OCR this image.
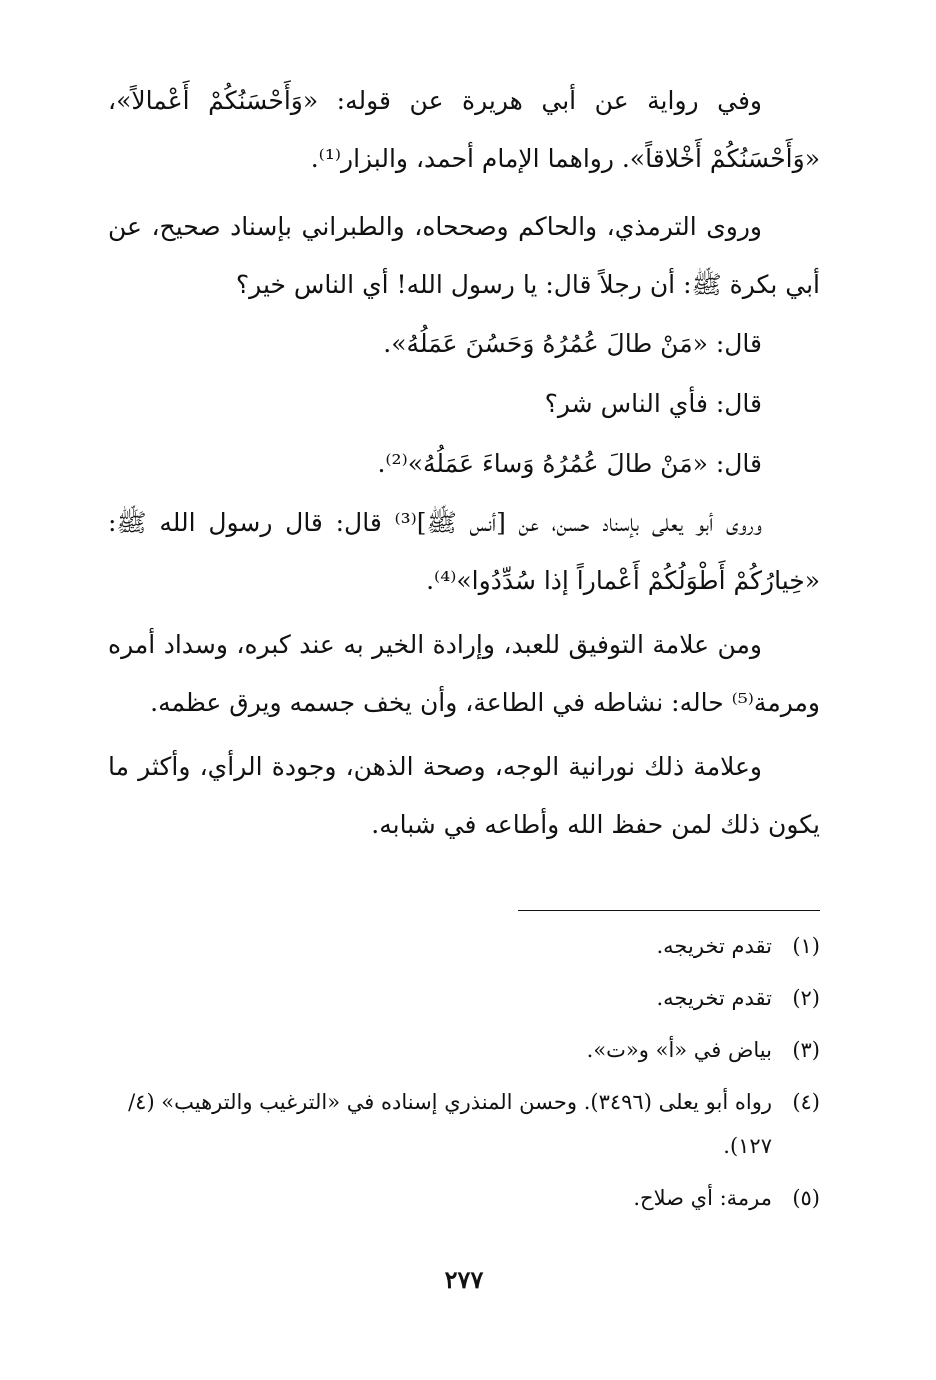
وفي رواية عن أبي هريرة عن قوله: «وَأَحْسَنُكُمْ أَعْمالاً»، «وَأَحْسَنُكُمْ أَخْلاقاً». رواهما الإمام أحمد، والبزار⁽¹⁾.

وروى الترمذي، والحاكم وصححاه، والطبراني بإسناد صحيح، عن أبي بكرة ﷺ: أن رجلاً قال: يا رسول الله! أي الناس خير؟

قال: «مَنْ طالَ عُمُرُهُ وَحَسُنَ عَمَلُهُ».

قال: فأي الناس شر؟

قال: «مَنْ طالَ عُمُرُهُ وَساءَ عَمَلُهُ»⁽²⁾.

وروى أبو يعلى بإسناد حسن، عن [أنس ﷺ]⁽³⁾ قال: قال رسول الله ﷺ: «خِيارُكُمْ أَطْوَلُكُمْ أَعْماراً إذا سُدِّدُوا»⁽⁴⁾.

ومن علامة التوفيق للعبد، وإرادة الخير به عند كبره، وسداد أمره ومرمة⁽⁵⁾ حاله: نشاطه في الطاعة، وأن يخف جسمه ويرق عظمه.

وعلامة ذلك نورانية الوجه، وصحة الذهن، وجودة الرأي، وأكثر ما يكون ذلك لمن حفظ الله وأطاعه في شبابه.

(١)
تقدم تخريجه.
(٢)
تقدم تخريجه.
(٣)
بياض في «أ» و«ت».
(٤)
رواه أبو يعلى (٣٤٩٦). وحسن المنذري إسناده في «الترغيب والترهيب» (٤/ ١٢٧).
(٥)
مرمة: أي صلاح.
٢٧٧
